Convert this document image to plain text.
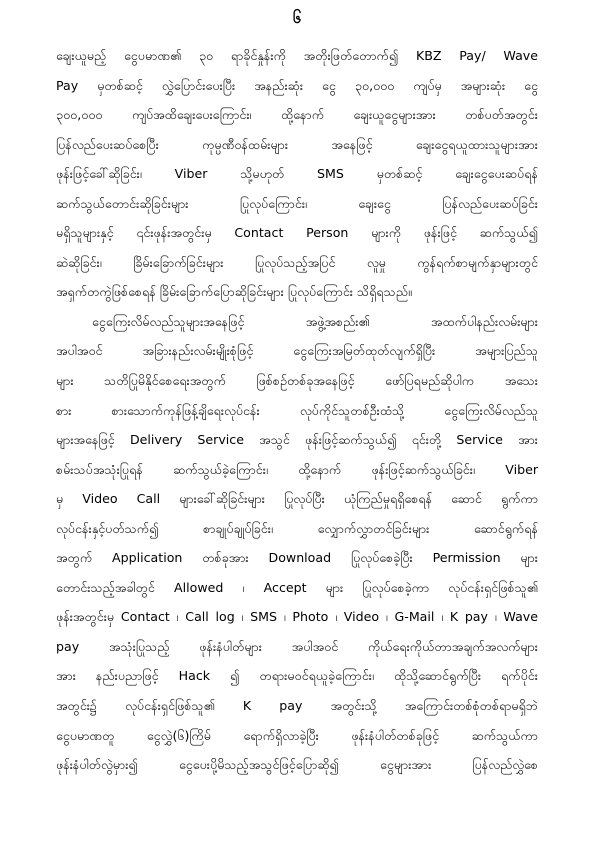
၆
ချေးယူမည့် ငွေပမာဏ၏ ၃၀ ရာခိုင်နှုန်းကို အတိုးဖြတ်တောက်၍ KBZ Pay/ Wave
Pay မှတစ်ဆင့် လွှဲပြောင်းပေးပြီး အနည်းဆုံး ငွေ ၃၀,၀၀၀ ကျပ်မှ အများဆုံး ငွေ
၃၀၀,၀၀၀ ကျပ်အထိချေးပေးကြောင်း၊ ထို့နောက် ချေးယူငွေများအား တစ်ပတ်အတွင်း
ပြန်လည်ပေးဆပ်စေပြီး ကုမ္ပဏီဝန်ထမ်းများ အနေဖြင့် ချေးငွေရယူထားသူများအား
ဖုန်းဖြင့်ခေါ်ဆိုခြင်း၊ Viber သို့မဟုတ် SMS မှတစ်ဆင့် ချေးငွေပေးဆပ်ရန်
ဆက်သွယ်တောင်းဆိုခြင်းများ ပြုလုပ်ကြောင်း၊ ချေးငွေ ပြန်လည်ပေးဆပ်ခြင်း
မရှိသူများနှင့် ၎င်းဖုန်းအတွင်းမှ Contact Person များကို ဖုန်းဖြင့် ဆက်သွယ်၍
ဆဲဆိုခြင်း၊ ခြိမ်းခြောက်ခြင်းများ ပြုလုပ်သည့်အပြင် လူမှု ကွန်ရက်စာမျက်နှာများတွင်
အရှက်တကွဲဖြစ်စေရန် ခြိမ်းခြောက်ပြောဆိုခြင်းများ ပြုလုပ်ကြောင်း သိရှိရသည်။
ငွေကြေးလိမ်လည်သူများအနေဖြင့် အဖွဲ့အစည်း၏ အထက်ပါနည်းလမ်းများ
အပါအဝင် အခြားနည်းလမ်းမျိုးစုံဖြင့် ငွေကြေးအမြတ်ထုတ်လျက်ရှိပြီး အများပြည်သူ
များ သတိပြုမိနိုင်စေရေးအတွက် ဖြစ်စဉ်တစ်ခုအနေဖြင့် ဖော်ပြရမည်ဆိုပါက အသေး
စား စားသောက်ကုန်ဖြန့်ချိရေးလုပ်ငန်း လုပ်ကိုင်သူတစ်ဦးထံသို့ ငွေကြေးလိမ်လည်သူ
များအနေဖြင့် Delivery Service အသွင် ဖုန်းဖြင့်ဆက်သွယ်၍ ၎င်းတို့ Service အား
စမ်းသပ်အသုံးပြုရန် ဆက်သွယ်ခဲ့ကြောင်း၊ ထို့နောက် ဖုန်းဖြင့်ဆက်သွယ်ခြင်း၊ Viber
မှ Video Call များခေါ်ဆိုခြင်းများ ပြုလုပ်ပြီး ယုံကြည်မှုရရှိစေရန် ဆောင် ရွက်ကာ
လုပ်ငန်းနှင့်ပတ်သက်၍ စာချုပ်ချုပ်ခြင်း၊ လျှောက်လွှာတင်ခြင်းများ ဆောင်ရွက်ရန်
အတွက် Application တစ်ခုအား Download ပြုလုပ်စေခဲ့ပြီး Permission များ
တောင်းသည့်အခါတွင် Allowed ၊ Accept များ ပြုလုပ်စေခဲ့ကာ လုပ်ငန်းရှင်ဖြစ်သူ၏
ဖုန်းအတွင်းမှ Contact ၊ Call log ၊ SMS ၊ Photo ၊ Video ၊ G-Mail ၊ K pay ၊ Wave
pay အသုံးပြုသည့် ဖုန်းနံပါတ်များ အပါအဝင် ကိုယ်ရေးကိုယ်တာအချက်အလက်များ
အား နည်းပညာဖြင့် Hack ၍ တရားမဝင်ရယူခဲ့ကြောင်း၊ ထိုသို့ဆောင်ရွက်ပြီး ရက်ပိုင်း
အတွင်း၌ လုပ်ငန်းရှင်ဖြစ်သူ၏ K pay အတွင်းသို့ အကြောင်းတစ်စုံတစ်ရာမရှိဘဲ
ငွေပမာဏတူ ငွေလွှဲ(၆)ကြိမ် ရောက်ရှိလာခဲ့ပြီး ဖုန်းနံပါတ်တစ်ခုဖြင့် ဆက်သွယ်ကာ
ဖုန်းနံပါတ်လွဲမှား၍ ငွေပေးပို့မိသည့်အသွင်ဖြင့်ပြောဆို၍ ငွေများအား ပြန်လည်လွှဲစေ
